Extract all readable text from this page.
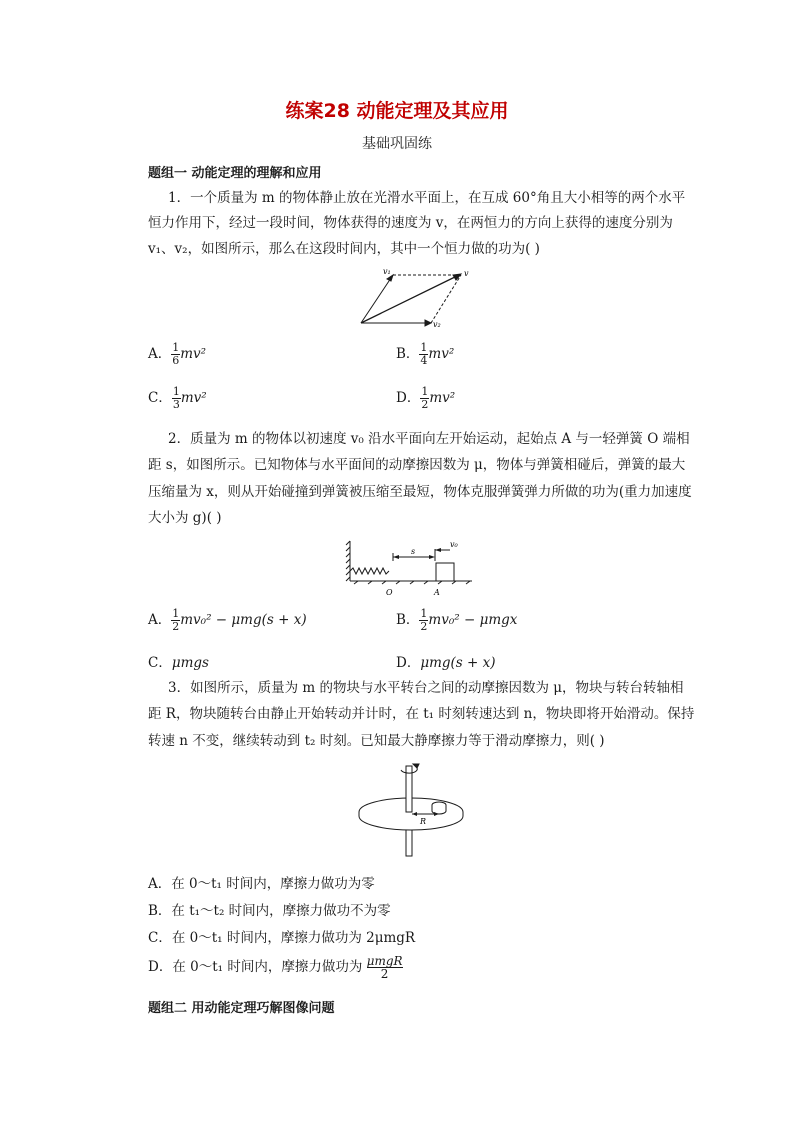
练案28 动能定理及其应用
基础巩固练
题组一 动能定理的理解和应用
1．一个质量为 m 的物体静止放在光滑水平面上，在互成 60°角且大小相等的两个水平
恒力作用下，经过一段时间，物体获得的速度为 v，在两恒力的方向上获得的速度分别为
v₁、v₂，如图所示，那么在这段时间内，其中一个恒力做的功为( )
v₁	v
v₂
A． $\frac{1}{6} mv^2$	B． $\frac{1}{4} mv^2$
C． $\frac{1}{3} mv^2$	D． $\frac{1}{2} mv^2$
2．质量为 m 的物体以初速度 v₀ 沿水平面向左开始运动，起始点 A 与一轻弹簧 O 端相
距 s，如图所示。已知物体与水平面间的动摩擦因数为 μ，物体与弹簧相碰后，弹簧的最大
压缩量为 x，则从开始碰撞到弹簧被压缩至最短，物体克服弹簧弹力所做的功为(重力加速度
大小为 g)( )
s
v₀
O	A
A． $\frac{1}{2} mv_0^2 - \mu mg(s + x)$	B． $\frac{1}{2} mv_0^2 - \mu mgx$
C．μmgs	D．μmg(s + x)
3．如图所示，质量为 m 的物块与水平转台之间的动摩擦因数为 μ，物块与转台转轴相
距 R，物块随转台由静止开始转动并计时，在 t₁ 时刻转速达到 n，物块即将开始滑动。保持
转速 n 不变，继续转动到 t₂ 时刻。已知最大静摩擦力等于滑动摩擦力，则( )
R
A．在 0～t₁ 时间内，摩擦力做功为零
B．在 t₁～t₂ 时间内，摩擦力做功不为零
C．在 0～t₁ 时间内，摩擦力做功为 2μmgR
D．在 0～t₁ 时间内，摩擦力做功为 $\frac{\text{μmgR}}{2}$
题组二 用动能定理巧解图像问题
